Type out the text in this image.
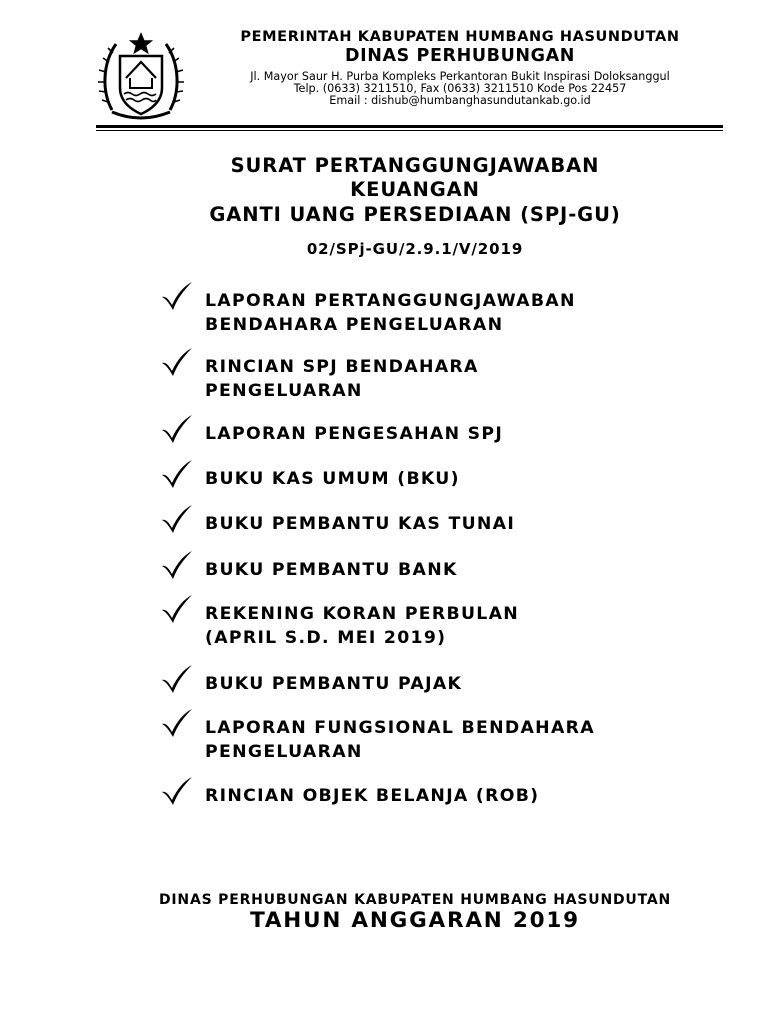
PEMERINTAH KABUPATEN HUMBANG HASUNDUTAN
DINAS PERHUBUNGAN
Jl. Mayor Saur H. Purba Kompleks Perkantoran Bukit Inspirasi Doloksanggul
Telp. (0633) 3211510, Fax (0633) 3211510 Kode Pos 22457
Email : dishub@humbanghasundutankab.go.id
SURAT PERTANGGUNGJAWABAN
KEUANGAN
GANTI UANG PERSEDIAAN (SPJ-GU)
02/SPj-GU/2.9.1/V/2019
LAPORAN PERTANGGUNGJAWABAN
BENDAHARA PENGELUARAN
RINCIAN SPJ BENDAHARA
PENGELUARAN
LAPORAN PENGESAHAN SPJ
BUKU KAS UMUM (BKU)
BUKU PEMBANTU KAS TUNAI
BUKU PEMBANTU BANK
REKENING KORAN PERBULAN
(APRIL S.D. MEI 2019)
BUKU PEMBANTU PAJAK
LAPORAN FUNGSIONAL BENDAHARA
PENGELUARAN
RINCIAN OBJEK BELANJA (ROB)
DINAS PERHUBUNGAN KABUPATEN HUMBANG HASUNDUTAN
TAHUN ANGGARAN 2019
